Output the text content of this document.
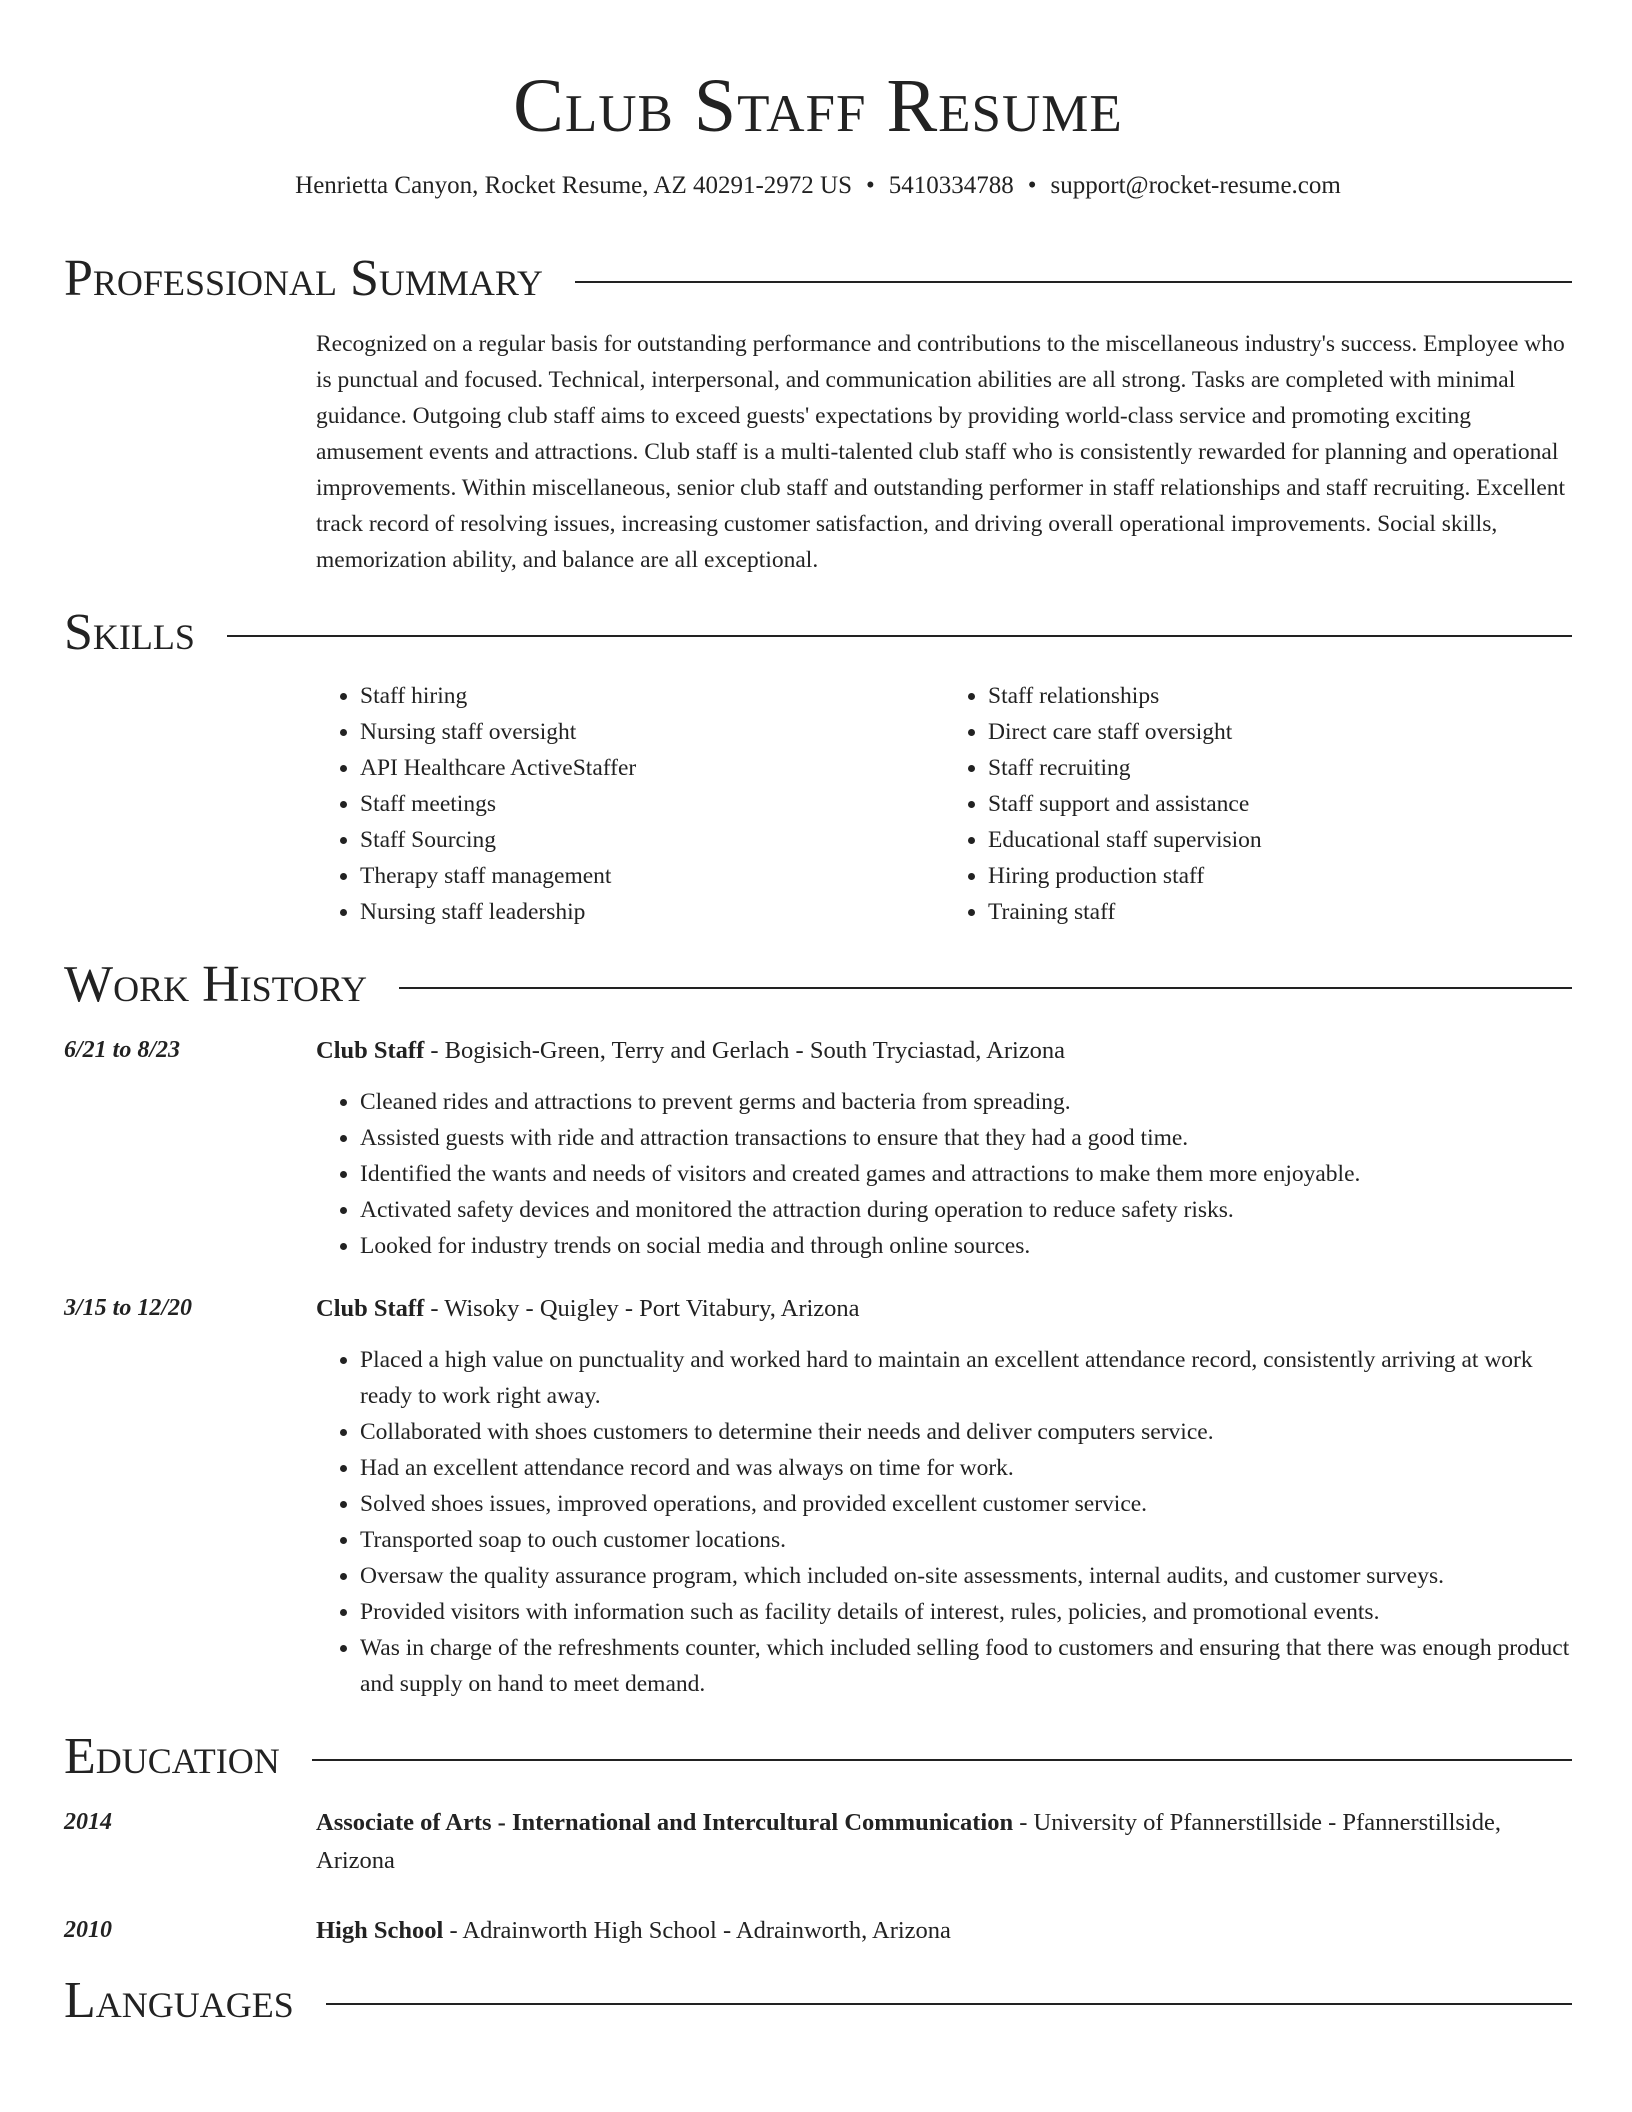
Club Staff Resume
Henrietta Canyon, Rocket Resume, AZ 40291-2972 US • 5410334788 • support@rocket-resume.com
Professional Summary
Recognized on a regular basis for outstanding performance and contributions to the miscellaneous industry's success. Employee who is punctual and focused. Technical, interpersonal, and communication abilities are all strong. Tasks are completed with minimal guidance. Outgoing club staff aims to exceed guests' expectations by providing world-class service and promoting exciting amusement events and attractions. Club staff is a multi-talented club staff who is consistently rewarded for planning and operational improvements. Within miscellaneous, senior club staff and outstanding performer in staff relationships and staff recruiting. Excellent track record of resolving issues, increasing customer satisfaction, and driving overall operational improvements. Social skills, memorization ability, and balance are all exceptional.
Skills
• Staff hiring
• Nursing staff oversight
• API Healthcare ActiveStaffer
• Staff meetings
• Staff Sourcing
• Therapy staff management
• Nursing staff leadership
• Staff relationships
• Direct care staff oversight
• Staff recruiting
• Staff support and assistance
• Educational staff supervision
• Hiring production staff
• Training staff
Work History
6/21 to 8/23	Club Staff - Bogisich-Green, Terry and Gerlach - South Tryciastad, Arizona
• Cleaned rides and attractions to prevent germs and bacteria from spreading.
• Assisted guests with ride and attraction transactions to ensure that they had a good time.
• Identified the wants and needs of visitors and created games and attractions to make them more enjoyable.
• Activated safety devices and monitored the attraction during operation to reduce safety risks.
• Looked for industry trends on social media and through online sources.
3/15 to 12/20	Club Staff - Wisoky - Quigley - Port Vitabury, Arizona
• Placed a high value on punctuality and worked hard to maintain an excellent attendance record, consistently arriving at work ready to work right away.
• Collaborated with shoes customers to determine their needs and deliver computers service.
• Had an excellent attendance record and was always on time for work.
• Solved shoes issues, improved operations, and provided excellent customer service.
• Transported soap to ouch customer locations.
• Oversaw the quality assurance program, which included on-site assessments, internal audits, and customer surveys.
• Provided visitors with information such as facility details of interest, rules, policies, and promotional events.
• Was in charge of the refreshments counter, which included selling food to customers and ensuring that there was enough product and supply on hand to meet demand.
Education
2014	Associate of Arts - International and Intercultural Communication - University of Pfannerstillside - Pfannerstillside, Arizona
2010	High School - Adrainworth High School - Adrainworth, Arizona
Languages
